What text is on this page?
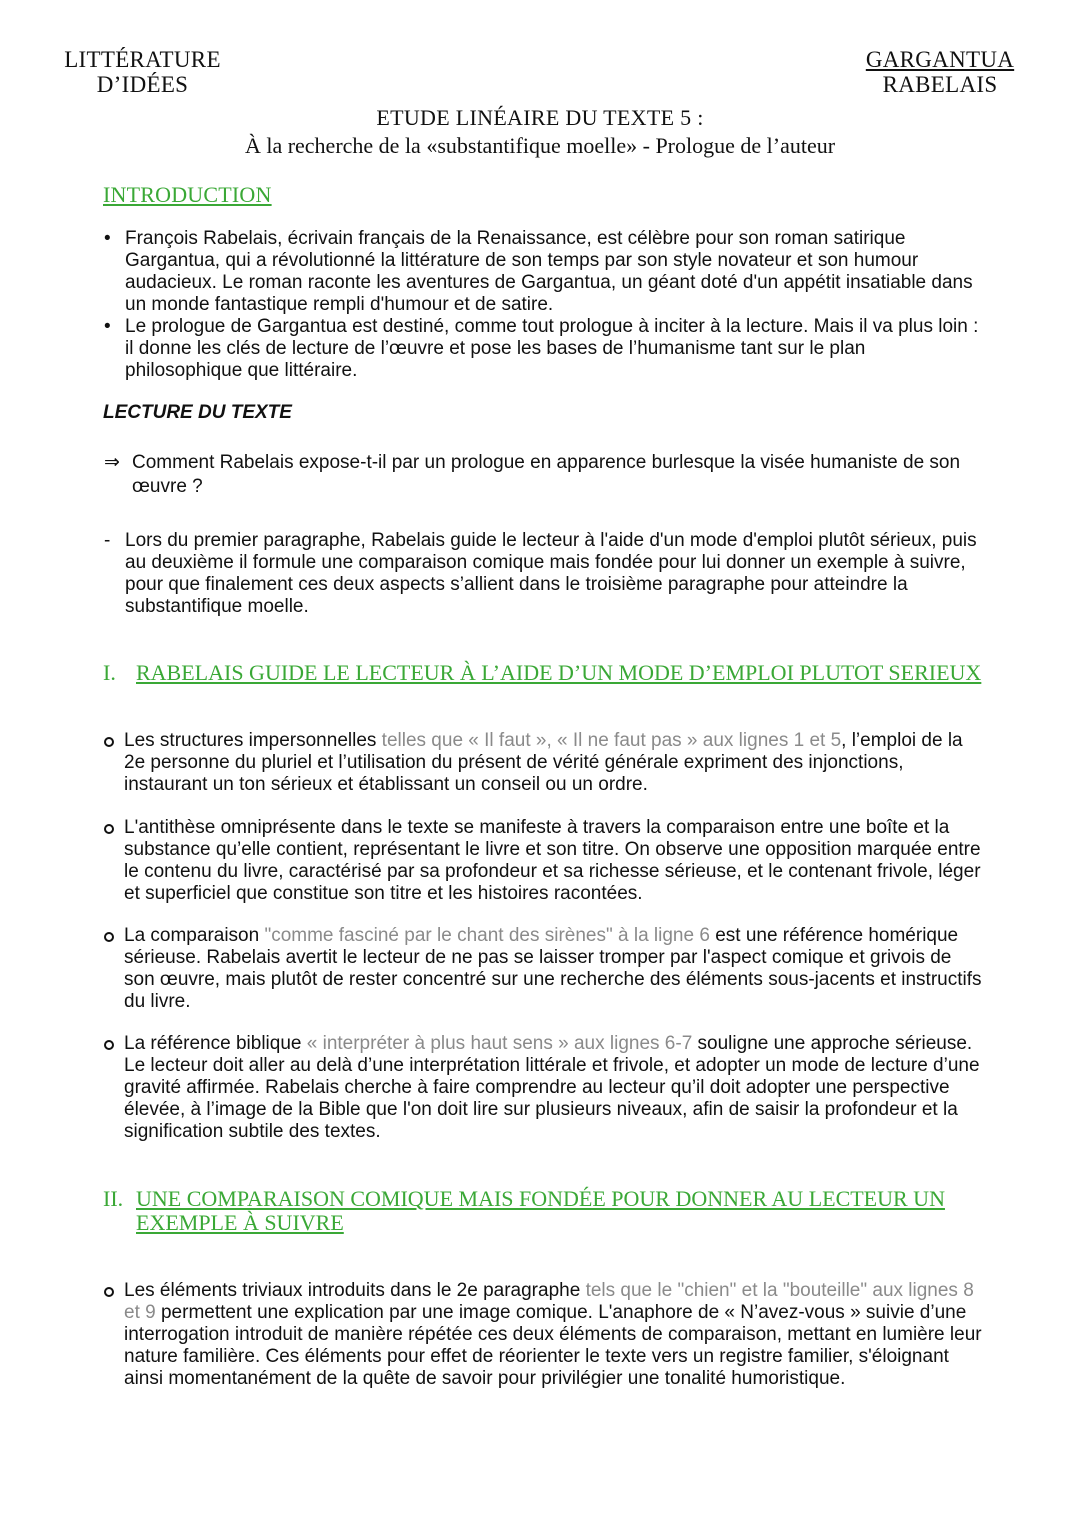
LITTÉRATURE
D’IDÉES
GARGANTUA
RABELAIS
ETUDE LINÉAIRE DU TEXTE 5 :
À la recherche de la «substantifique moelle» - Prologue de l’auteur
INTRODUCTION
• François Rabelais, écrivain français de la Renaissance, est célèbre pour son roman satirique Gargantua, qui a révolutionné la littérature de son temps par son style novateur et son humour audacieux. Le roman raconte les aventures de Gargantua, un géant doté d'un appétit insatiable dans un monde fantastique rempli d'humour et de satire.
• Le prologue de Gargantua est destiné, comme tout prologue à inciter à la lecture. Mais il va plus loin : il donne les clés de lecture de l’œuvre et pose les bases de l’humanisme tant sur le plan philosophique que littéraire.
LECTURE DU TEXTE
⇒ Comment Rabelais expose-t-il par un prologue en apparence burlesque la visée humaniste de son œuvre ?
- Lors du premier paragraphe, Rabelais guide le lecteur à l'aide d'un mode d'emploi plutôt sérieux, puis au deuxième il formule une comparaison comique mais fondée pour lui donner un exemple à suivre, pour que finalement ces deux aspects s’allient dans le troisième paragraphe pour atteindre la substantifique moelle.
I. RABELAIS GUIDE LE LECTEUR À L’AIDE D’UN MODE D’EMPLOI PLUTOT SERIEUX
Les structures impersonnelles telles que « Il faut », « Il ne faut pas » aux lignes 1 et 5, l’emploi de la 2e personne du pluriel et l’utilisation du présent de vérité générale expriment des injonctions, instaurant un ton sérieux et établissant un conseil ou un ordre.
L'antithèse omniprésente dans le texte se manifeste à travers la comparaison entre une boîte et la substance qu’elle contient, représentant le livre et son titre. On observe une opposition marquée entre le contenu du livre, caractérisé par sa profondeur et sa richesse sérieuse, et le contenant frivole, léger et superficiel que constitue son titre et les histoires racontées.
La comparaison "comme fasciné par le chant des sirènes" à la ligne 6 est une référence homérique sérieuse. Rabelais avertit le lecteur de ne pas se laisser tromper par l'aspect comique et grivois de son œuvre, mais plutôt de rester concentré sur une recherche des éléments sous-jacents et instructifs du livre.
La référence biblique « interpréter à plus haut sens » aux lignes 6-7 souligne une approche sérieuse. Le lecteur doit aller au delà d’une interprétation littérale et frivole, et adopter un mode de lecture d’une gravité affirmée. Rabelais cherche à faire comprendre au lecteur qu’il doit adopter une perspective élevée, à l’image de la Bible que l'on doit lire sur plusieurs niveaux, afin de saisir la profondeur et la signification subtile des textes.
II. UNE COMPARAISON COMIQUE MAIS FONDÉE POUR DONNER AU LECTEUR UN EXEMPLE À SUIVRE
Les éléments triviaux introduits dans le 2e paragraphe tels que le "chien" et la "bouteille" aux lignes 8 et 9 permettent une explication par une image comique. L'anaphore de « N’avez-vous » suivie d’une interrogation introduit de manière répétée ces deux éléments de comparaison, mettant en lumière leur nature familière. Ces éléments pour effet de réorienter le texte vers un registre familier, s'éloignant ainsi momentanément de la quête de savoir pour privilégier une tonalité humoristique.
